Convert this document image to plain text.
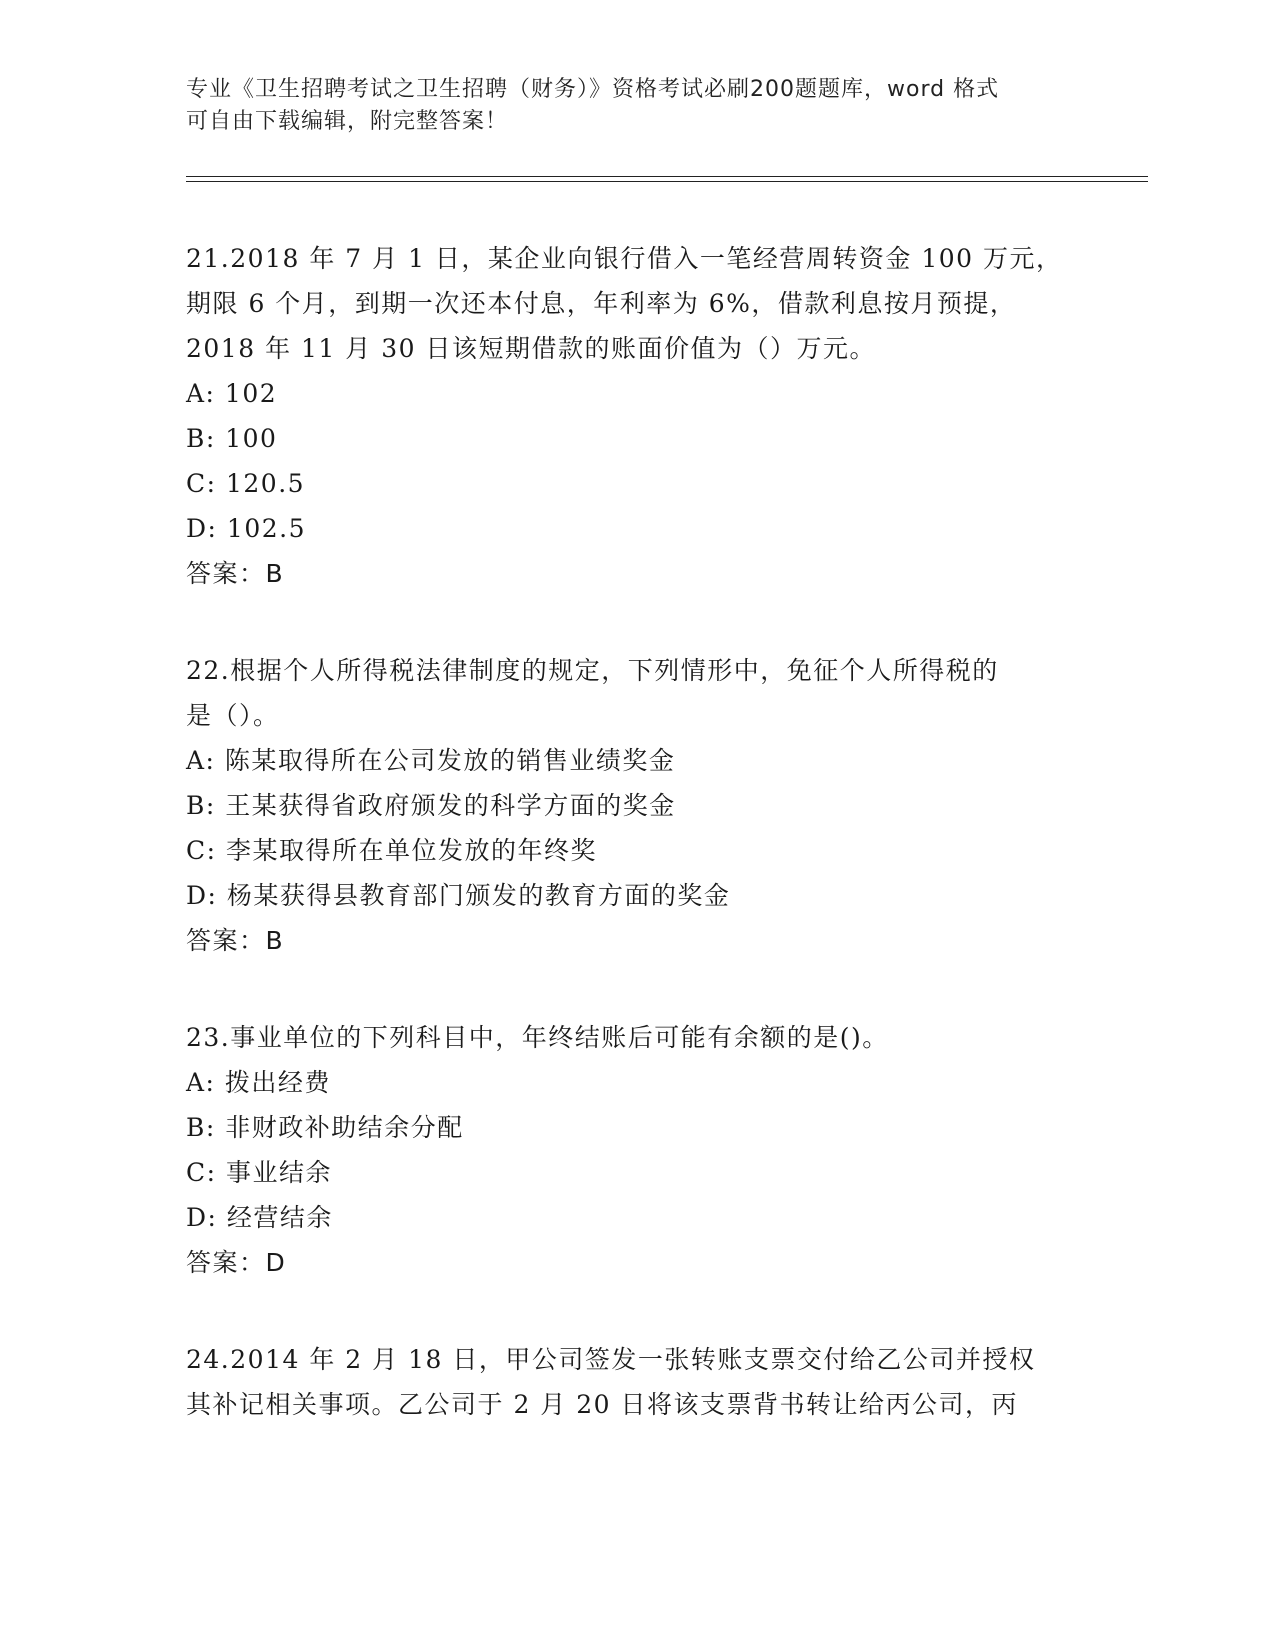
专业《卫生招聘考试之卫生招聘（财务）》资格考试必刷200题题库，word 格式
可自由下载编辑，附完整答案！
21.2018 年 7 月 1 日，某企业向银行借入一笔经营周转资金 100 万元，
期限 6 个月，到期一次还本付息，年利率为 6%，借款利息按月预提，
2018 年 11 月 30 日该短期借款的账面价值为（）万元。
A: 102
B: 100
C: 120.5
D: 102.5
答案：B
22.根据个人所得税法律制度的规定，下列情形中，免征个人所得税的
是（）。
A: 陈某取得所在公司发放的销售业绩奖金
B: 王某获得省政府颁发的科学方面的奖金
C: 李某取得所在单位发放的年终奖
D: 杨某获得县教育部门颁发的教育方面的奖金
答案：B
23.事业单位的下列科目中，年终结账后可能有余额的是()。
A: 拨出经费
B: 非财政补助结余分配
C: 事业结余
D: 经营结余
答案：D
24.2014 年 2 月 18 日，甲公司签发一张转账支票交付给乙公司并授权
其补记相关事项。乙公司于 2 月 20 日将该支票背书转让给丙公司，丙
